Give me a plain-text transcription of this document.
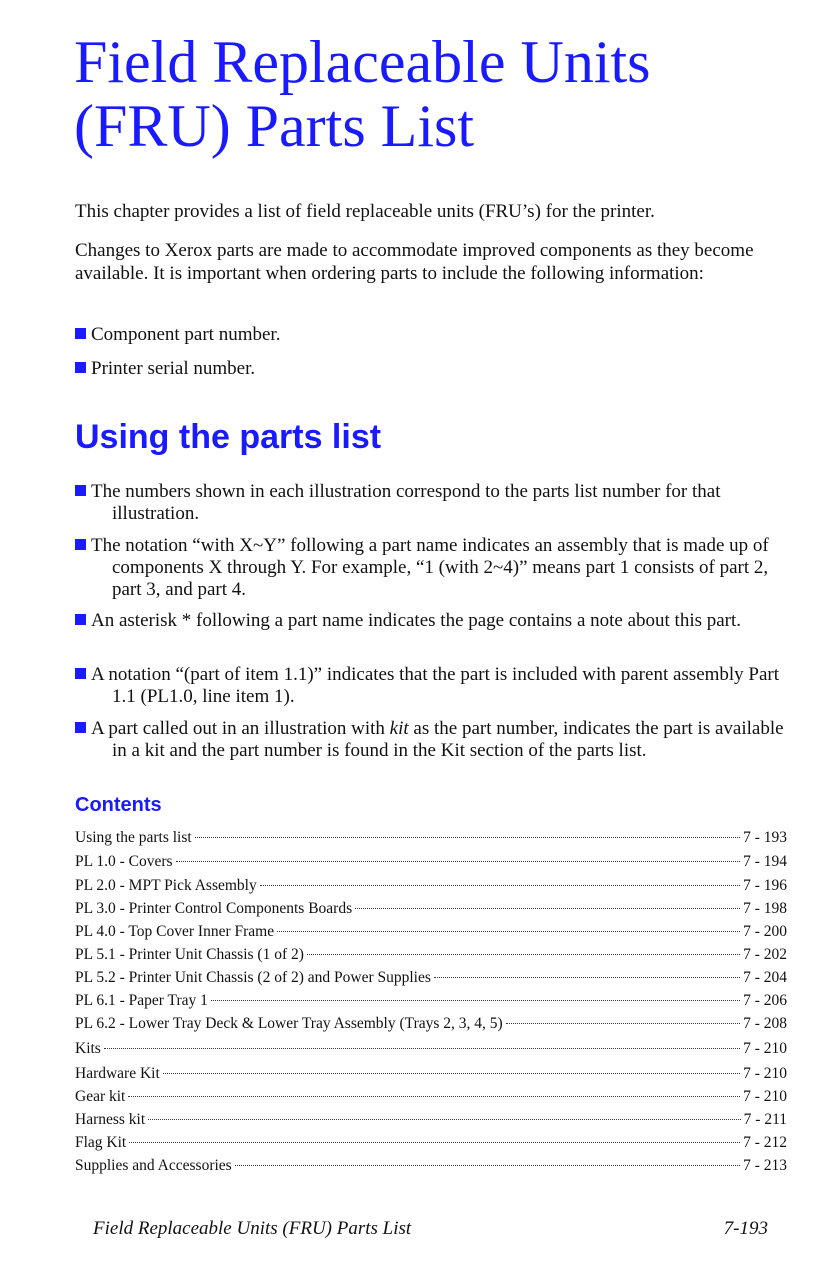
Field Replaceable Units
(FRU) Parts List

This chapter provides a list of field replaceable units (FRU’s) for the printer.

Changes to Xerox parts are made to accommodate improved components as they become available. It is important when ordering parts to include the following information:

Component part number.
Printer serial number.
Using the parts list
The numbers shown in each illustration correspond to the parts list number for that illustration.
The notation “with X~Y” following a part name indicates an assembly that is made up of components X through Y. For example, “1 (with 2~4)” means part 1 consists of part 2, part 3, and part 4.
An asterisk * following a part name indicates the page contains a note about this part.
A notation “(part of item 1.1)” indicates that the part is included with parent assembly Part 1.1 (PL1.0, line item 1).
A part called out in an illustration with kit as the part number, indicates the part is available in a kit and the part number is found in the Kit section of the parts list.
Contents
Using the parts list	7 - 193
PL 1.0 - Covers	7 - 194
PL 2.0 - MPT Pick Assembly	7 - 196
PL 3.0 - Printer Control Components Boards	7 - 198
PL 4.0 - Top Cover Inner Frame	7 - 200
PL 5.1 - Printer Unit Chassis (1 of 2)	7 - 202
PL 5.2 - Printer Unit Chassis (2 of 2) and Power Supplies	7 - 204
PL 6.1 - Paper Tray 1	7 - 206
PL 6.2 - Lower Tray Deck & Lower Tray Assembly (Trays 2, 3, 4, 5)	7 - 208
Kits	7 - 210
Hardware Kit	7 - 210
Gear kit	7 - 210
Harness kit	7 - 211
Flag Kit	7 - 212
Supplies and Accessories	7 - 213
Field Replaceable Units (FRU) Parts List	7-193
